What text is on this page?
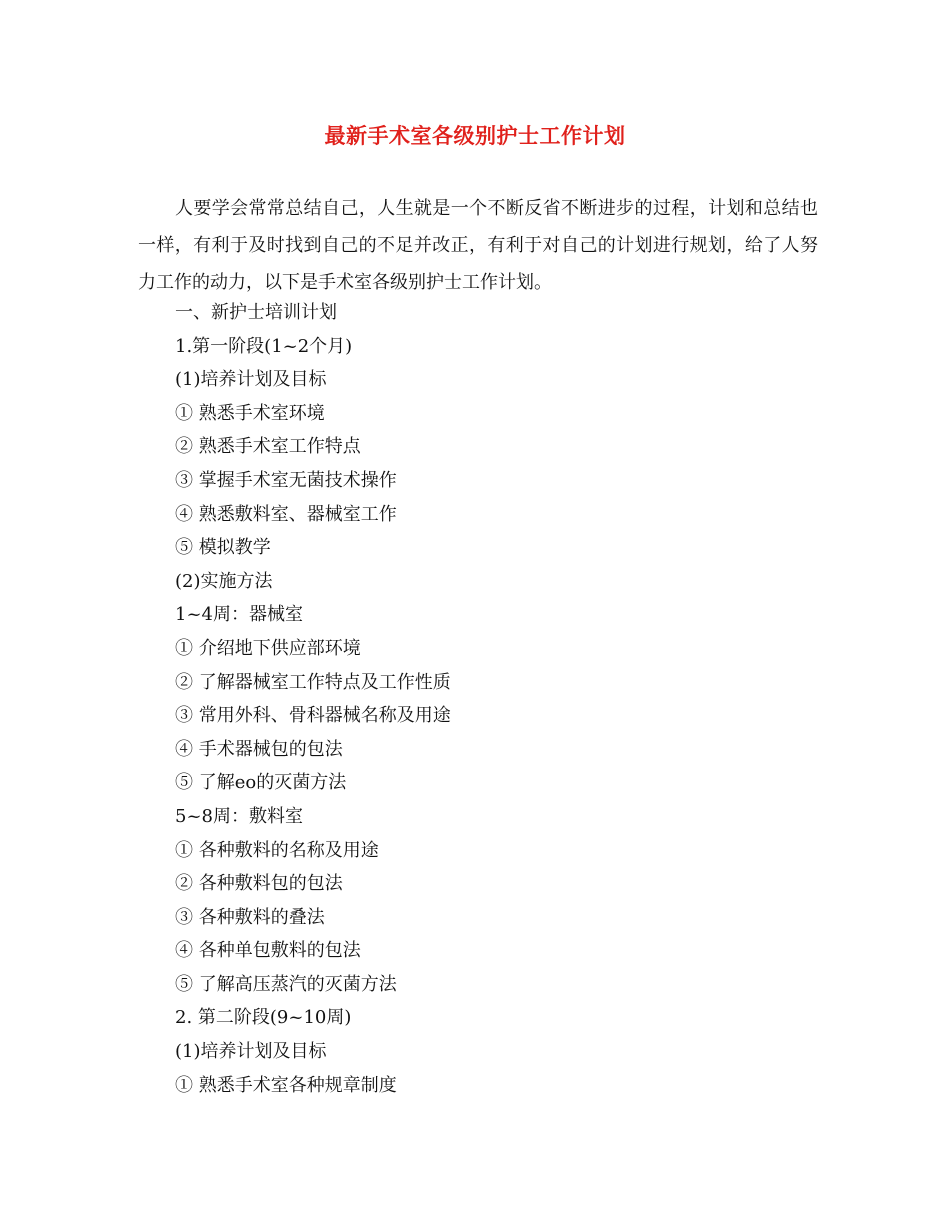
最新手术室各级别护士工作计划

人要学会常常总结自己，人生就是一个不断反省不断进步的过程，计划和总结也一样，有利于及时找到自己的不足并改正，有利于对自己的计划进行规划，给了人努力工作的动力，以下是手术室各级别护士工作计划。

一、新护士培训计划
1.第一阶段(1~2个月)
(1)培养计划及目标
① 熟悉手术室环境
② 熟悉手术室工作特点
③ 掌握手术室无菌技术操作
④ 熟悉敷料室、器械室工作
⑤ 模拟教学
(2)实施方法
1~4周：器械室
① 介绍地下供应部环境
② 了解器械室工作特点及工作性质
③ 常用外科、骨科器械名称及用途
④ 手术器械包的包法
⑤ 了解eo的灭菌方法
5~8周：敷料室
① 各种敷料的名称及用途
② 各种敷料包的包法
③ 各种敷料的叠法
④ 各种单包敷料的包法
⑤ 了解高压蒸汽的灭菌方法
2. 第二阶段(9~10周)
(1)培养计划及目标
① 熟悉手术室各种规章制度
